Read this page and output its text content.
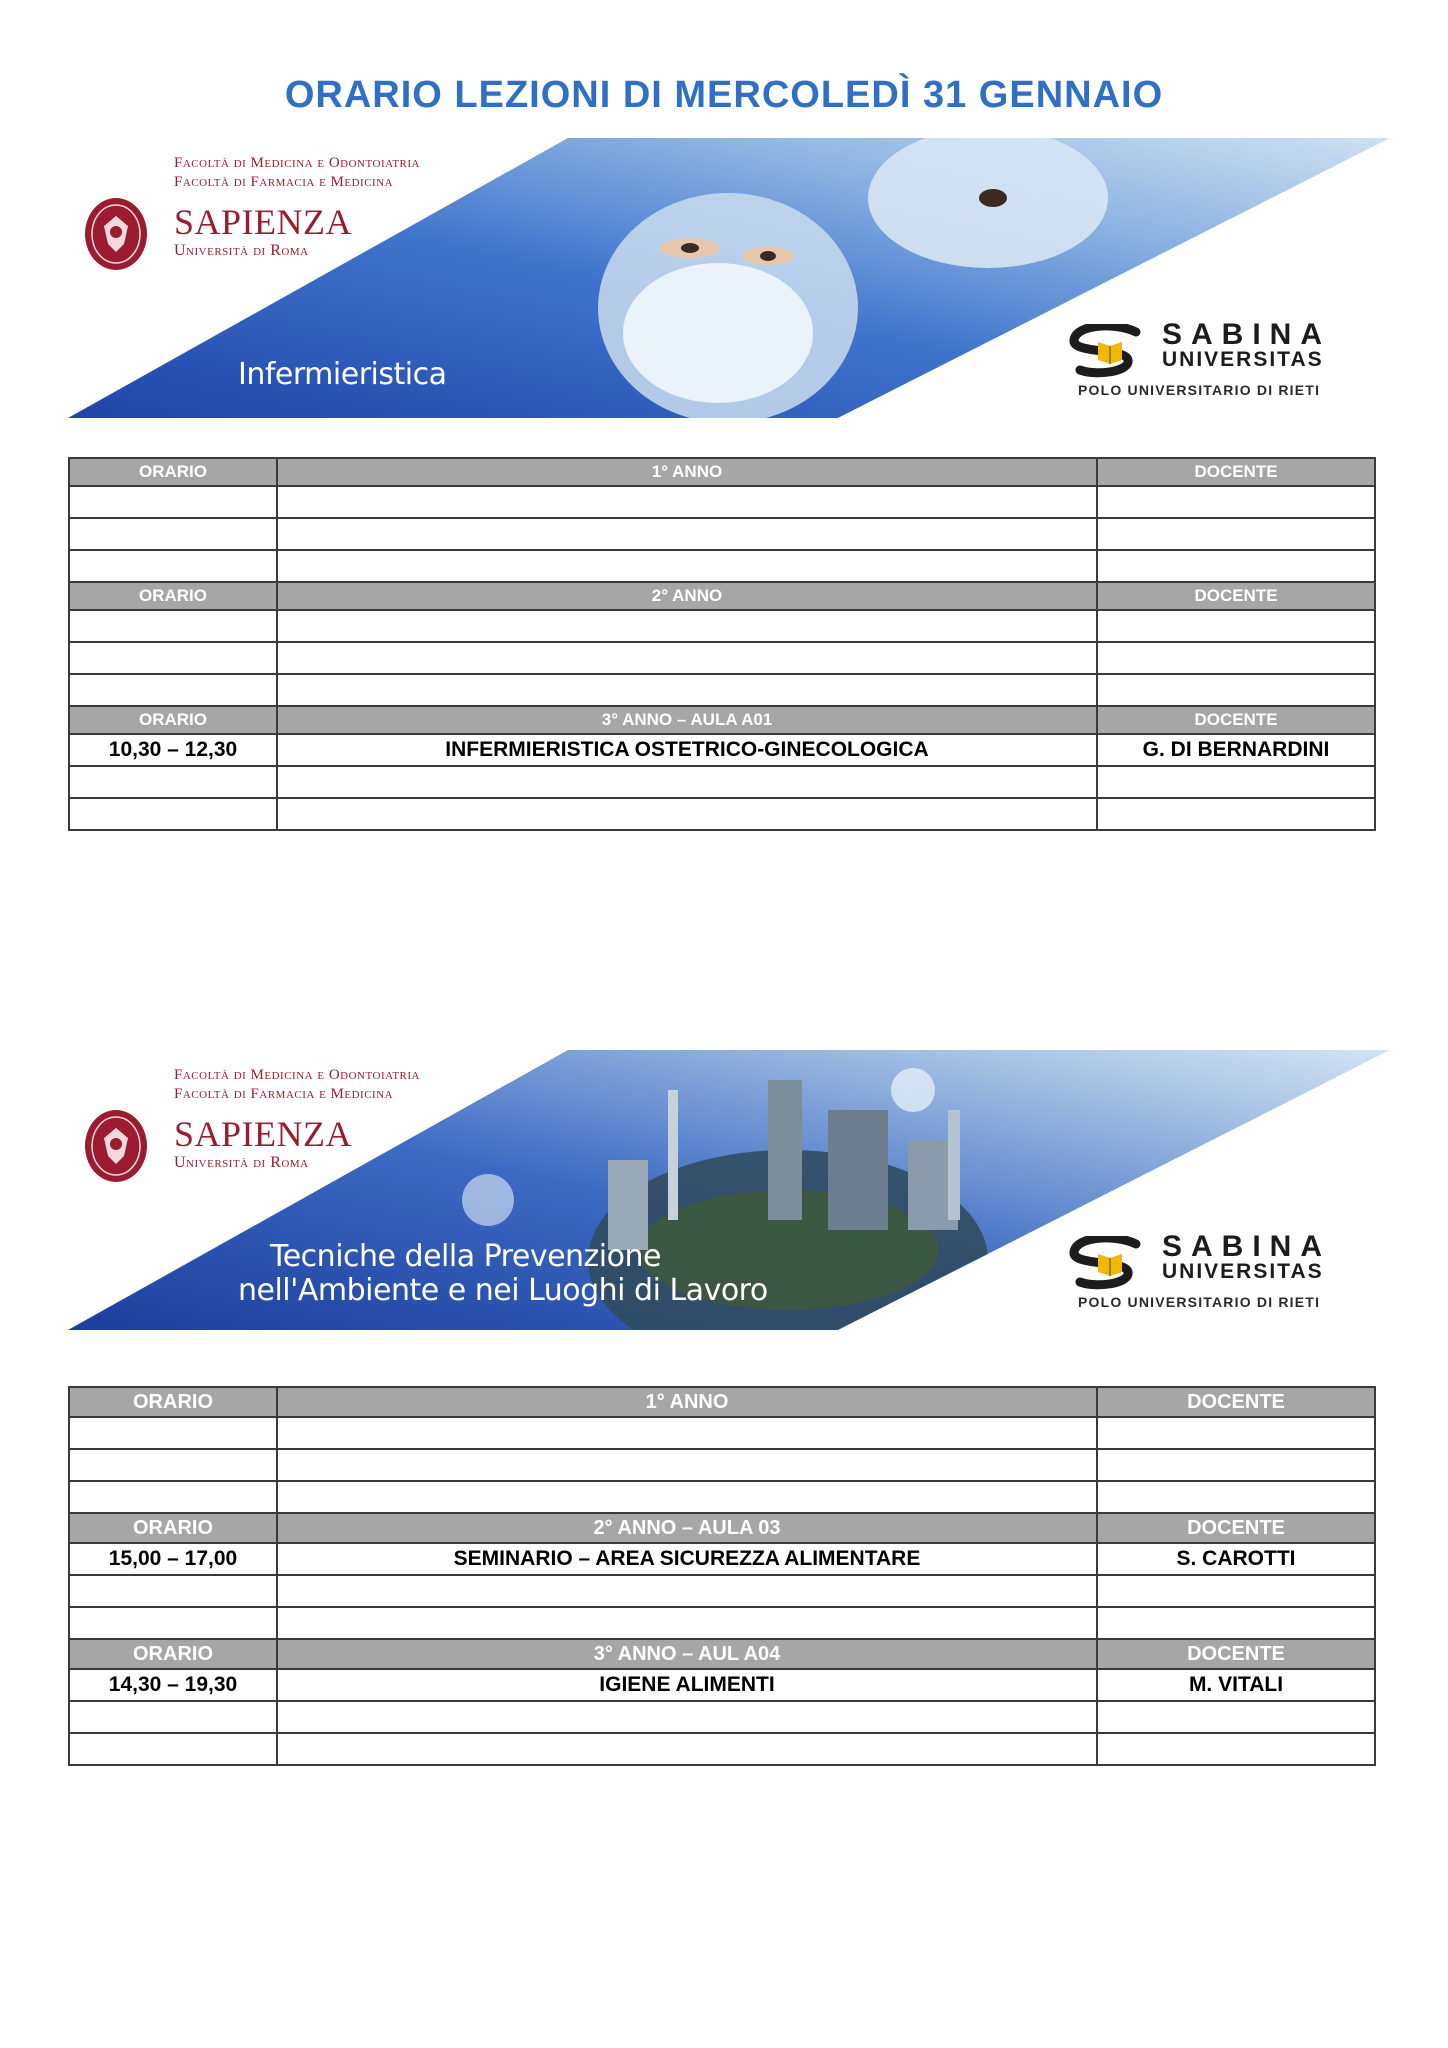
ORARIO LEZIONI DI MERCOLEDÌ 31 GENNAIO
Facoltà di Medicina e Odontoiatria
Facoltà di Farmacia e Medicina
SAPIENZA
Università di Roma
Infermieristica
SABINA
UNIVERSITAS
POLO UNIVERSITARIO DI RIETI
ORARIO	1° ANNO	DOCENTE

ORARIO	2° ANNO	DOCENTE

ORARIO	3° ANNO – AULA A01	DOCENTE
10,30 – 12,30	INFERMIERISTICA OSTETRICO-GINECOLOGICA	G. DI BERNARDINI

Facoltà di Medicina e Odontoiatria
Facoltà di Farmacia e Medicina
SAPIENZA
Università di Roma
Tecniche della Prevenzione
nell'Ambiente e nei Luoghi di Lavoro
SABINA
UNIVERSITAS
POLO UNIVERSITARIO DI RIETI
ORARIO	1° ANNO	DOCENTE

ORARIO	2° ANNO – AULA 03	DOCENTE
15,00 – 17,00	SEMINARIO – AREA SICUREZZA ALIMENTARE	S. CAROTTI

ORARIO	3° ANNO – AUL A04	DOCENTE
14,30 – 19,30	IGIENE ALIMENTI	M. VITALI
